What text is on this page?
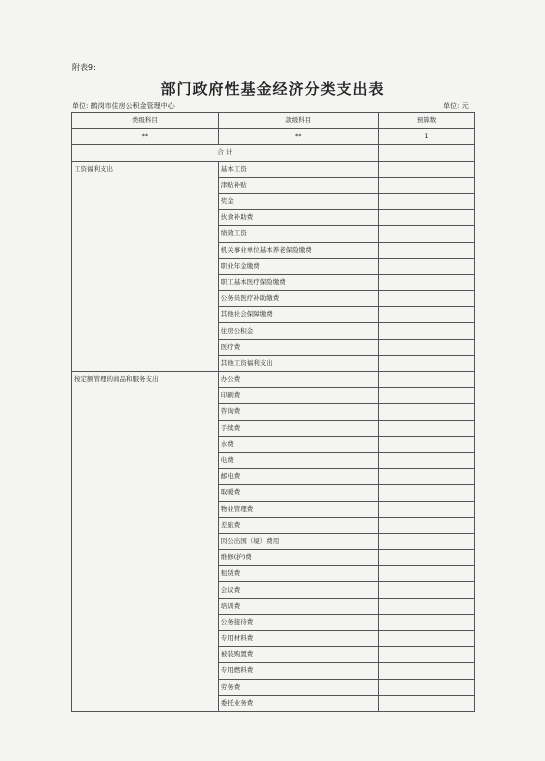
附表9:
部门政府性基金经济分类支出表
单位: 鹤岗市住房公积金管理中心	单位: 元
类级科目	款级科目	预算数
**	**	1
合 计		
工资福利支出	基本工资	
	津贴补贴	
	奖金	
	伙食补助费	
	绩效工资	
	机关事业单位基本养老保险缴费	
	职业年金缴费	
	职工基本医疗保险缴费	
	公务员医疗补助缴费	
	其他社会保障缴费	
	住房公积金	
	医疗费	
	其他工资福利支出	
按定额管理的商品和服务支出	办公费	
	印刷费	
	咨询费	
	手续费	
	水费	
	电费	
	邮电费	
	取暖费	
	物业管理费	
	差旅费	
	因公出国（境）费用	
	维修(护)费	
	租赁费	
	会议费	
	培训费	
	公务接待费	
	专用材料费	
	被装购置费	
	专用燃料费	
	劳务费	
	委托业务费	
